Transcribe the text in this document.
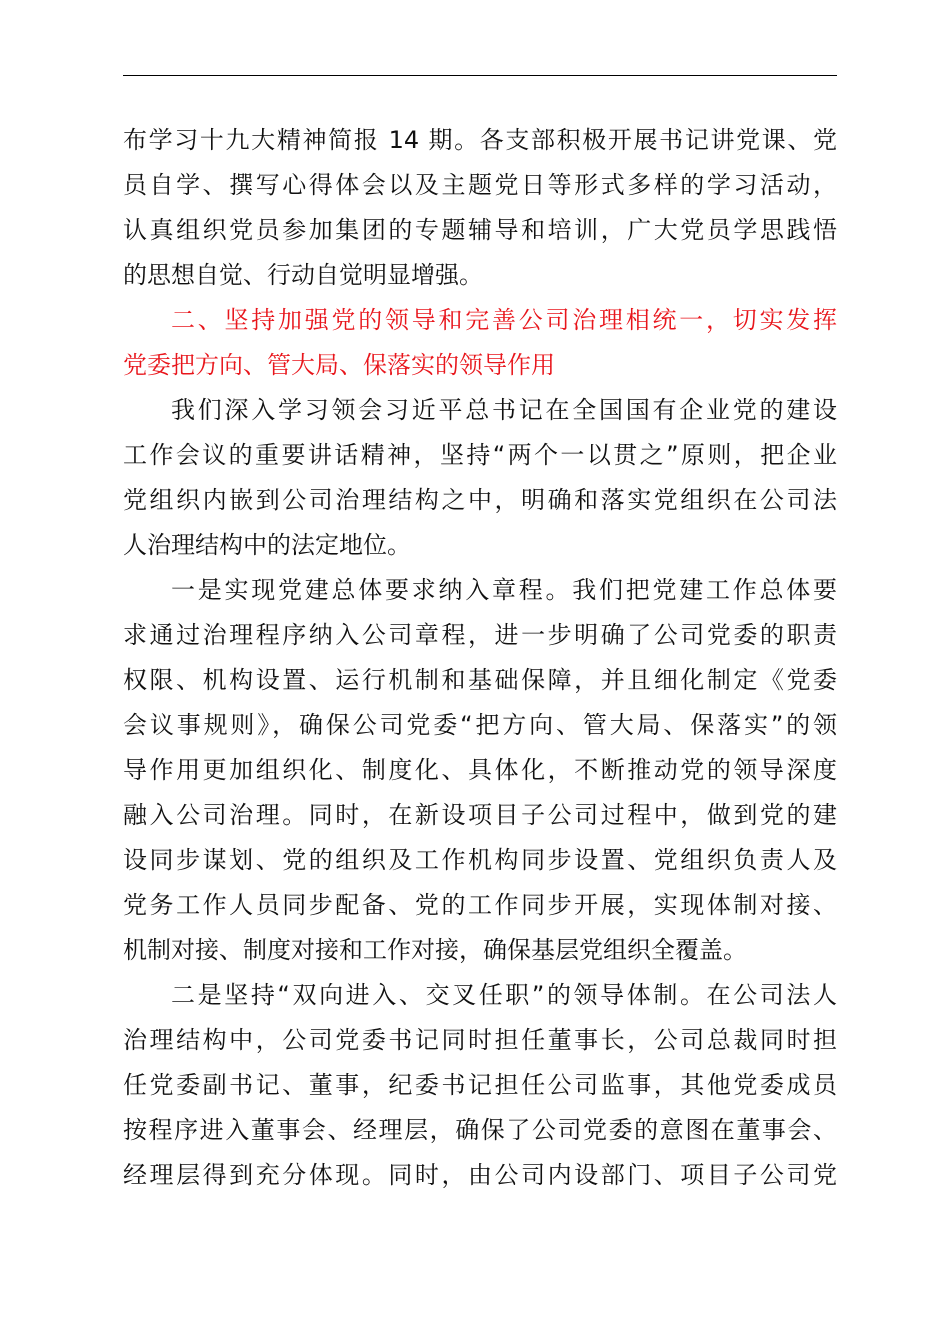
布学习十九大精神简报 14 期。各支部积极开展书记讲党课、党
员自学、撰写心得体会以及主题党日等形式多样的学习活动，
认真组织党员参加集团的专题辅导和培训，广大党员学思践悟
的思想自觉、行动自觉明显增强。
二、坚持加强党的领导和完善公司治理相统一，切实发挥
党委把方向、管大局、保落实的领导作用
我们深入学习领会习近平总书记在全国国有企业党的建设
工作会议的重要讲话精神，坚持“两个一以贯之”原则，把企业
党组织内嵌到公司治理结构之中，明确和落实党组织在公司法
人治理结构中的法定地位。
一是实现党建总体要求纳入章程。我们把党建工作总体要
求通过治理程序纳入公司章程，进一步明确了公司党委的职责
权限、机构设置、运行机制和基础保障，并且细化制定《党委
会议事规则》，确保公司党委“把方向、管大局、保落实”的领
导作用更加组织化、制度化、具体化，不断推动党的领导深度
融入公司治理。同时，在新设项目子公司过程中，做到党的建
设同步谋划、党的组织及工作机构同步设置、党组织负责人及
党务工作人员同步配备、党的工作同步开展，实现体制对接、
机制对接、制度对接和工作对接，确保基层党组织全覆盖。
二是坚持“双向进入、交叉任职”的领导体制。在公司法人
治理结构中，公司党委书记同时担任董事长，公司总裁同时担
任党委副书记、董事，纪委书记担任公司监事，其他党委成员
按程序进入董事会、经理层，确保了公司党委的意图在董事会、
经理层得到充分体现。同时，由公司内设部门、项目子公司党
